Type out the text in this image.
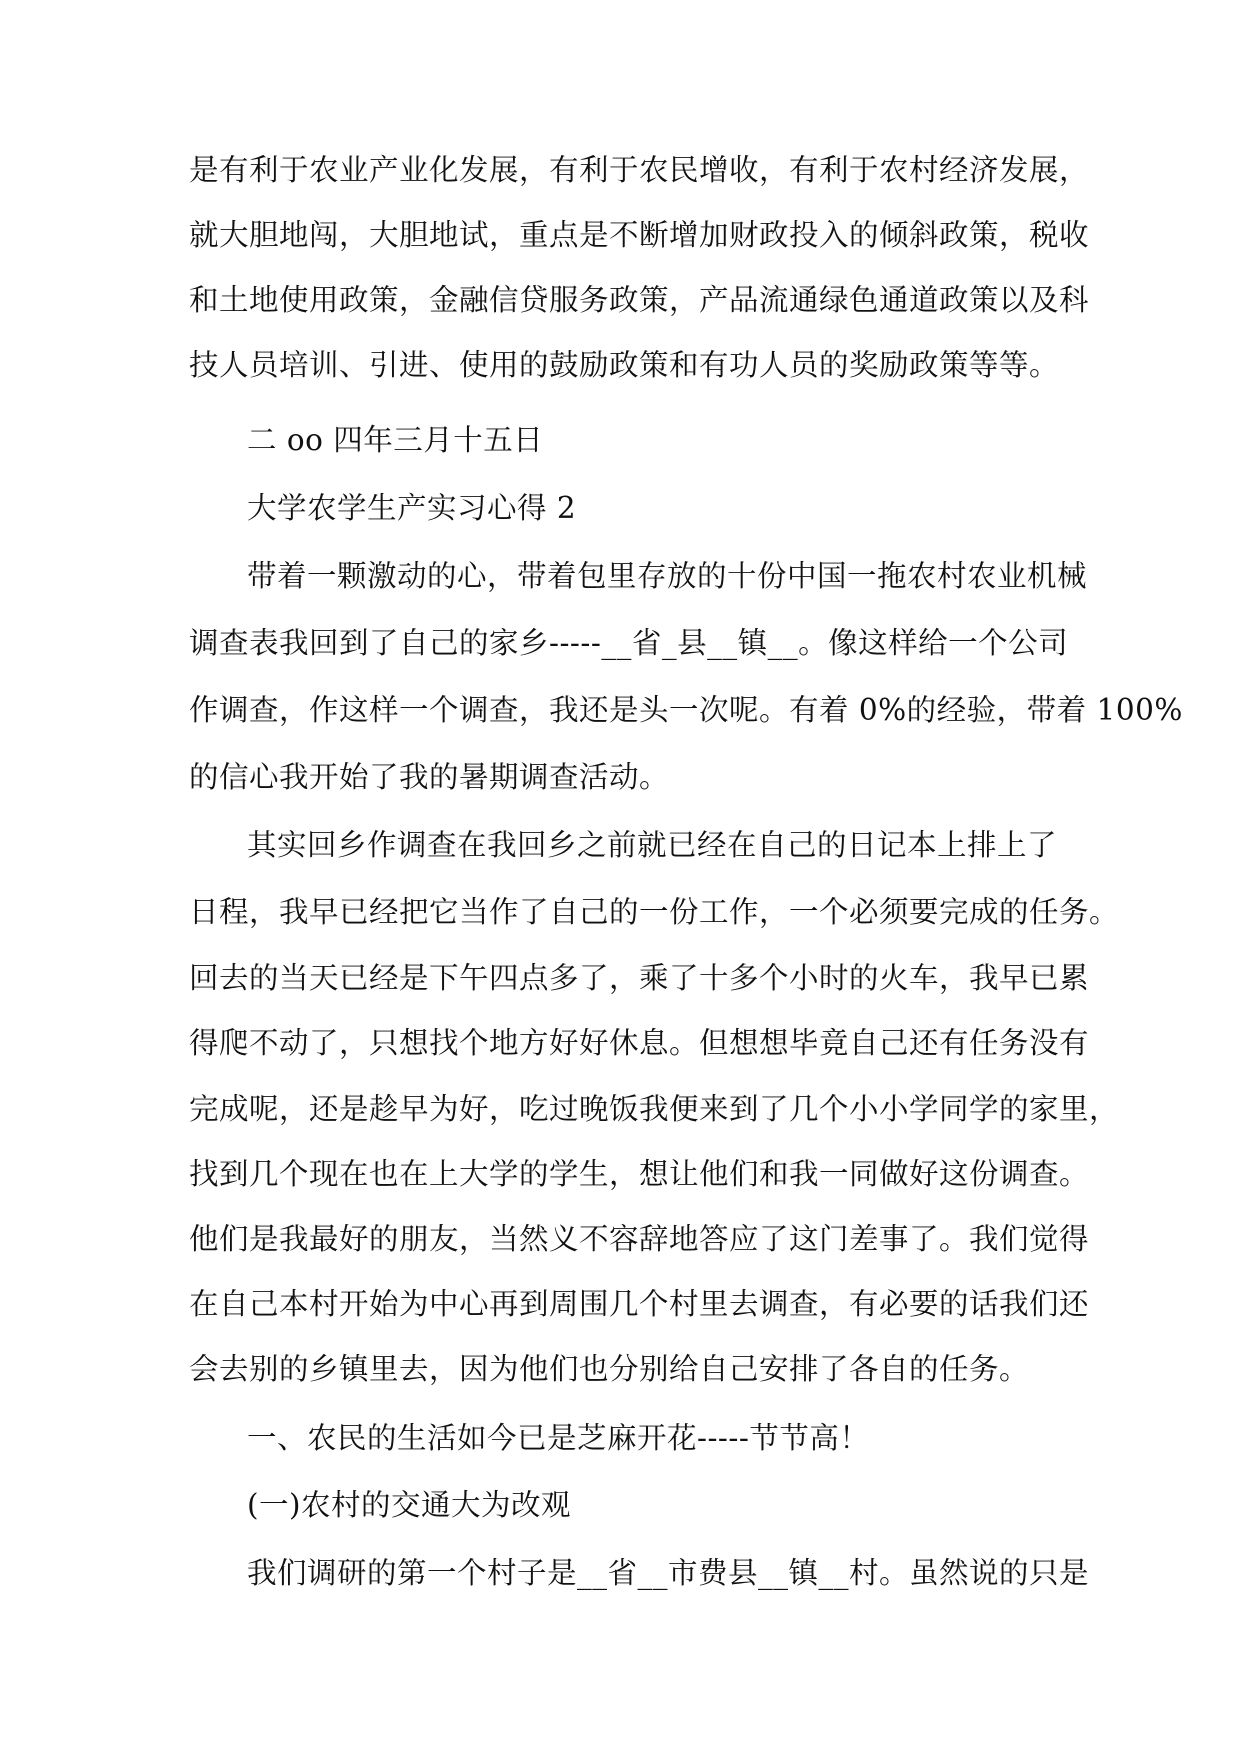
是有利于农业产业化发展，有利于农民增收，有利于农村经济发展，
就大胆地闯，大胆地试，重点是不断增加财政投入的倾斜政策，税收
和土地使用政策，金融信贷服务政策，产品流通绿色通道政策以及科
技人员培训、引进、使用的鼓励政策和有功人员的奖励政策等等。
二 oo 四年三月十五日
大学农学生产实习心得 2
带着一颗激动的心，带着包里存放的十份中国一拖农村农业机械
调查表我回到了自己的家乡-----__省_县__镇__。像这样给一个公司
作调查，作这样一个调查，我还是头一次呢。有着 0%的经验，带着 100%
的信心我开始了我的暑期调查活动。
其实回乡作调查在我回乡之前就已经在自己的日记本上排上了
日程，我早已经把它当作了自己的一份工作，一个必须要完成的任务。
回去的当天已经是下午四点多了，乘了十多个小时的火车，我早已累
得爬不动了，只想找个地方好好休息。但想想毕竟自己还有任务没有
完成呢，还是趁早为好，吃过晚饭我便来到了几个小小学同学的家里，
找到几个现在也在上大学的学生，想让他们和我一同做好这份调查。
他们是我最好的朋友，当然义不容辞地答应了这门差事了。我们觉得
在自己本村开始为中心再到周围几个村里去调查，有必要的话我们还
会去别的乡镇里去，因为他们也分别给自己安排了各自的任务。
一、农民的生活如今已是芝麻开花-----节节高！
(一)农村的交通大为改观
我们调研的第一个村子是__省__市费县__镇__村。虽然说的只是
